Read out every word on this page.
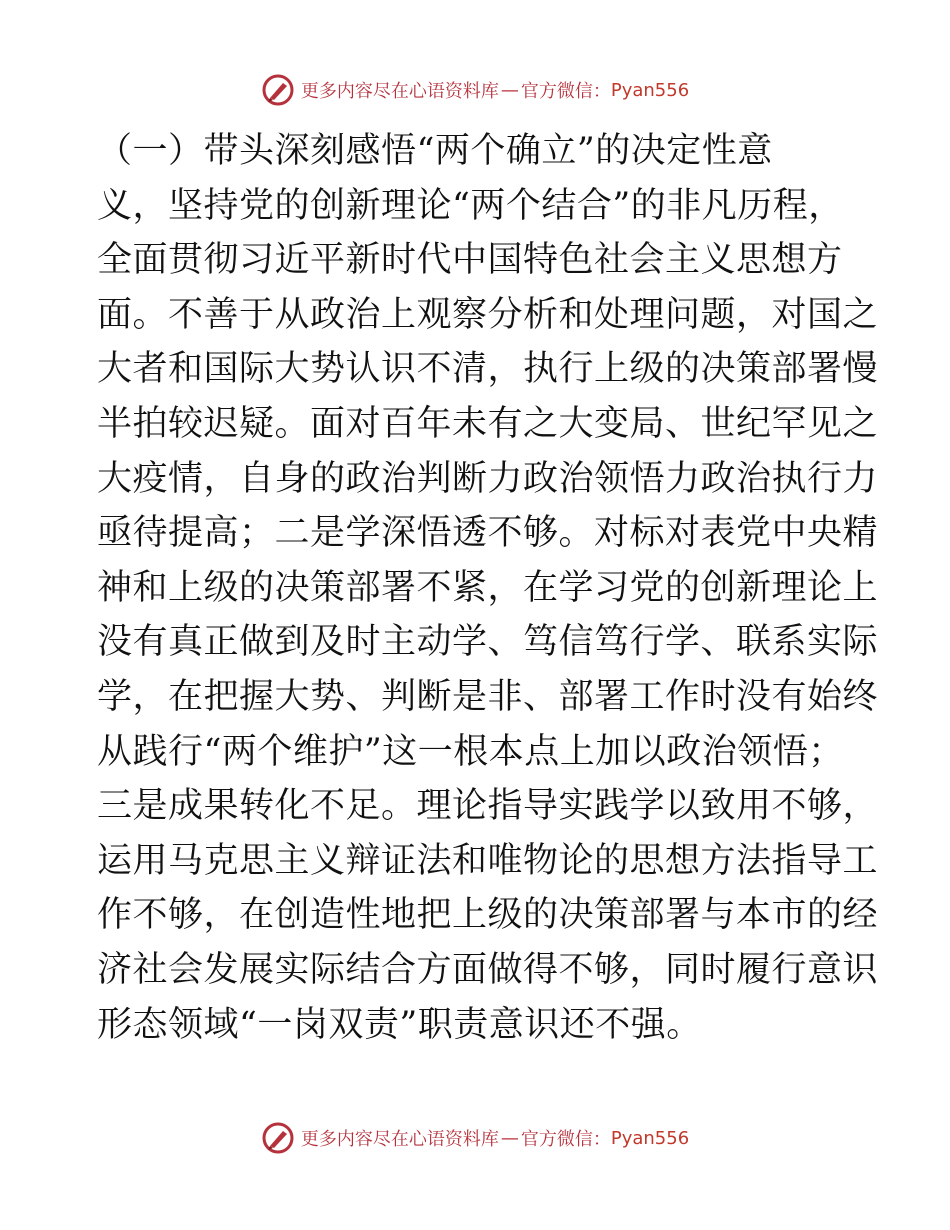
更多内容尽在心语资料库 — 官方微信： Pyan556
（一）带头深刻感悟“两个确立”的决定性意
义，坚持党的创新理论“两个结合”的非凡历程，
全面贯彻习近平新时代中国特色社会主义思想方
面。不善于从政治上观察分析和处理问题，对国之
大者和国际大势认识不清，执行上级的决策部署慢
半拍较迟疑。面对百年未有之大变局、世纪罕见之
大疫情，自身的政治判断力政治领悟力政治执行力
亟待提高；二是学深悟透不够。对标对表党中央精
神和上级的决策部署不紧，在学习党的创新理论上
没有真正做到及时主动学、笃信笃行学、联系实际
学，在把握大势、判断是非、部署工作时没有始终
从践行“两个维护”这一根本点上加以政治领悟；
三是成果转化不足。理论指导实践学以致用不够，
运用马克思主义辩证法和唯物论的思想方法指导工
作不够，在创造性地把上级的决策部署与本市的经
济社会发展实际结合方面做得不够，同时履行意识
形态领域“一岗双责”职责意识还不强。
更多内容尽在心语资料库 — 官方微信： Pyan556
